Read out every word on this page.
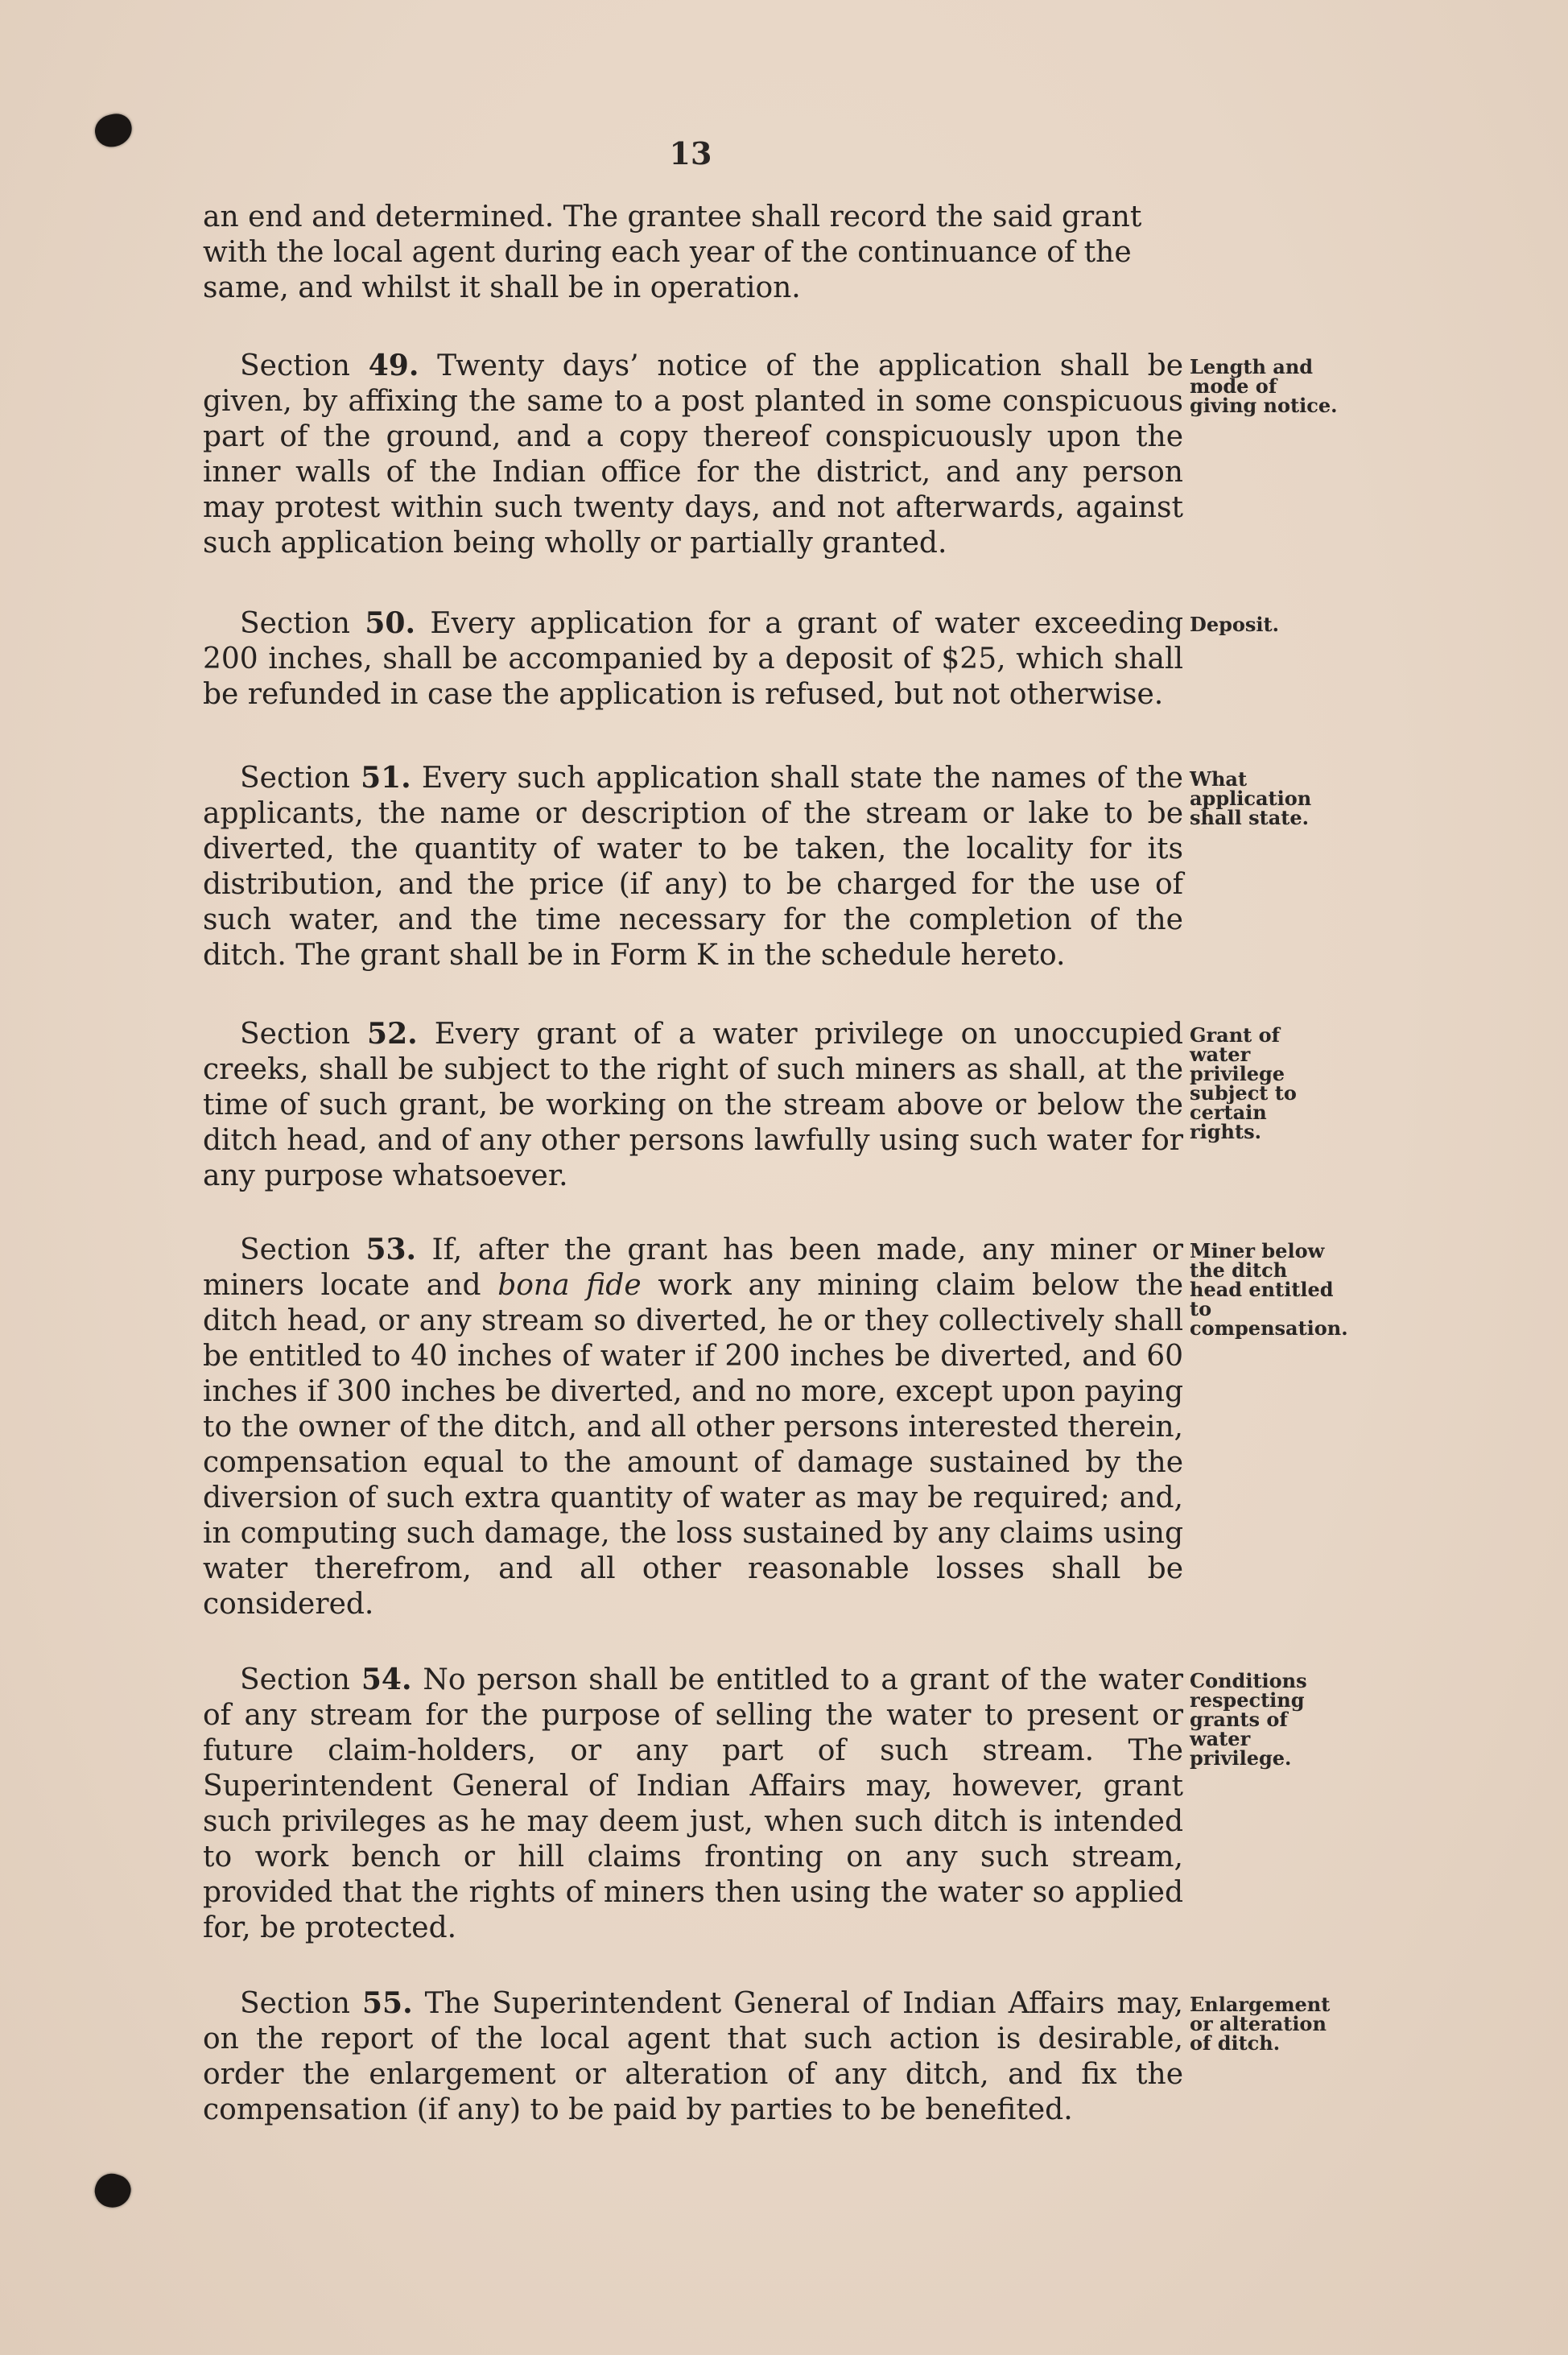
13

an end and determined. The grantee shall record the said grant with the local agent during each year of the continuance of the same, and whilst it shall be in operation.

Section 49. Twenty days’ notice of the application shall be given, by affixing the same to a post planted in some conspicuous part of the ground, and a copy thereof conspicuously upon the inner walls of the Indian office for the district, and any person may protest within such twenty days, and not afterwards, against such application being wholly or partially granted.

Length and mode of giving notice.

Section 50. Every application for a grant of water exceeding 200 inches, shall be accompanied by a deposit of $25, which shall be refunded in case the application is refused, but not otherwise.

Deposit.

Section 51. Every such application shall state the names of the applicants, the name or description of the stream or lake to be diverted, the quantity of water to be taken, the locality for its distribution, and the price (if any) to be charged for the use of such water, and the time necessary for the completion of the ditch. The grant shall be in Form K in the schedule hereto.

What application shall state.

Section 52. Every grant of a water privilege on unoccupied creeks, shall be subject to the right of such miners as shall, at the time of such grant, be working on the stream above or below the ditch head, and of any other persons lawfully using such water for any purpose whatsoever.

Grant of water privilege subject to certain rights.

Section 53. If, after the grant has been made, any miner or miners locate and bona fide work any mining claim below the ditch head, or any stream so diverted, he or they collectively shall be entitled to 40 inches of water if 200 inches be diverted, and 60 inches if 300 inches be diverted, and no more, except upon paying to the owner of the ditch, and all other persons interested therein, compensation equal to the amount of damage sustained by the diversion of such extra quantity of water as may be required; and, in computing such damage, the loss sustained by any claims using water therefrom, and all other reasonable losses shall be considered.

Miner below the ditch head entitled to compensation.

Section 54. No person shall be entitled to a grant of the water of any stream for the purpose of selling the water to present or future claim-holders, or any part of such stream. The Superintendent General of Indian Affairs may, however, grant such privileges as he may deem just, when such ditch is intended to work bench or hill claims fronting on any such stream, provided that the rights of miners then using the water so applied for, be protected.

Conditions respecting grants of water privilege.

Section 55. The Superintendent General of Indian Affairs may, on the report of the local agent that such action is desirable, order the enlargement or alteration of any ditch, and fix the compensation (if any) to be paid by parties to be benefited.

Enlargement or alteration of ditch.
